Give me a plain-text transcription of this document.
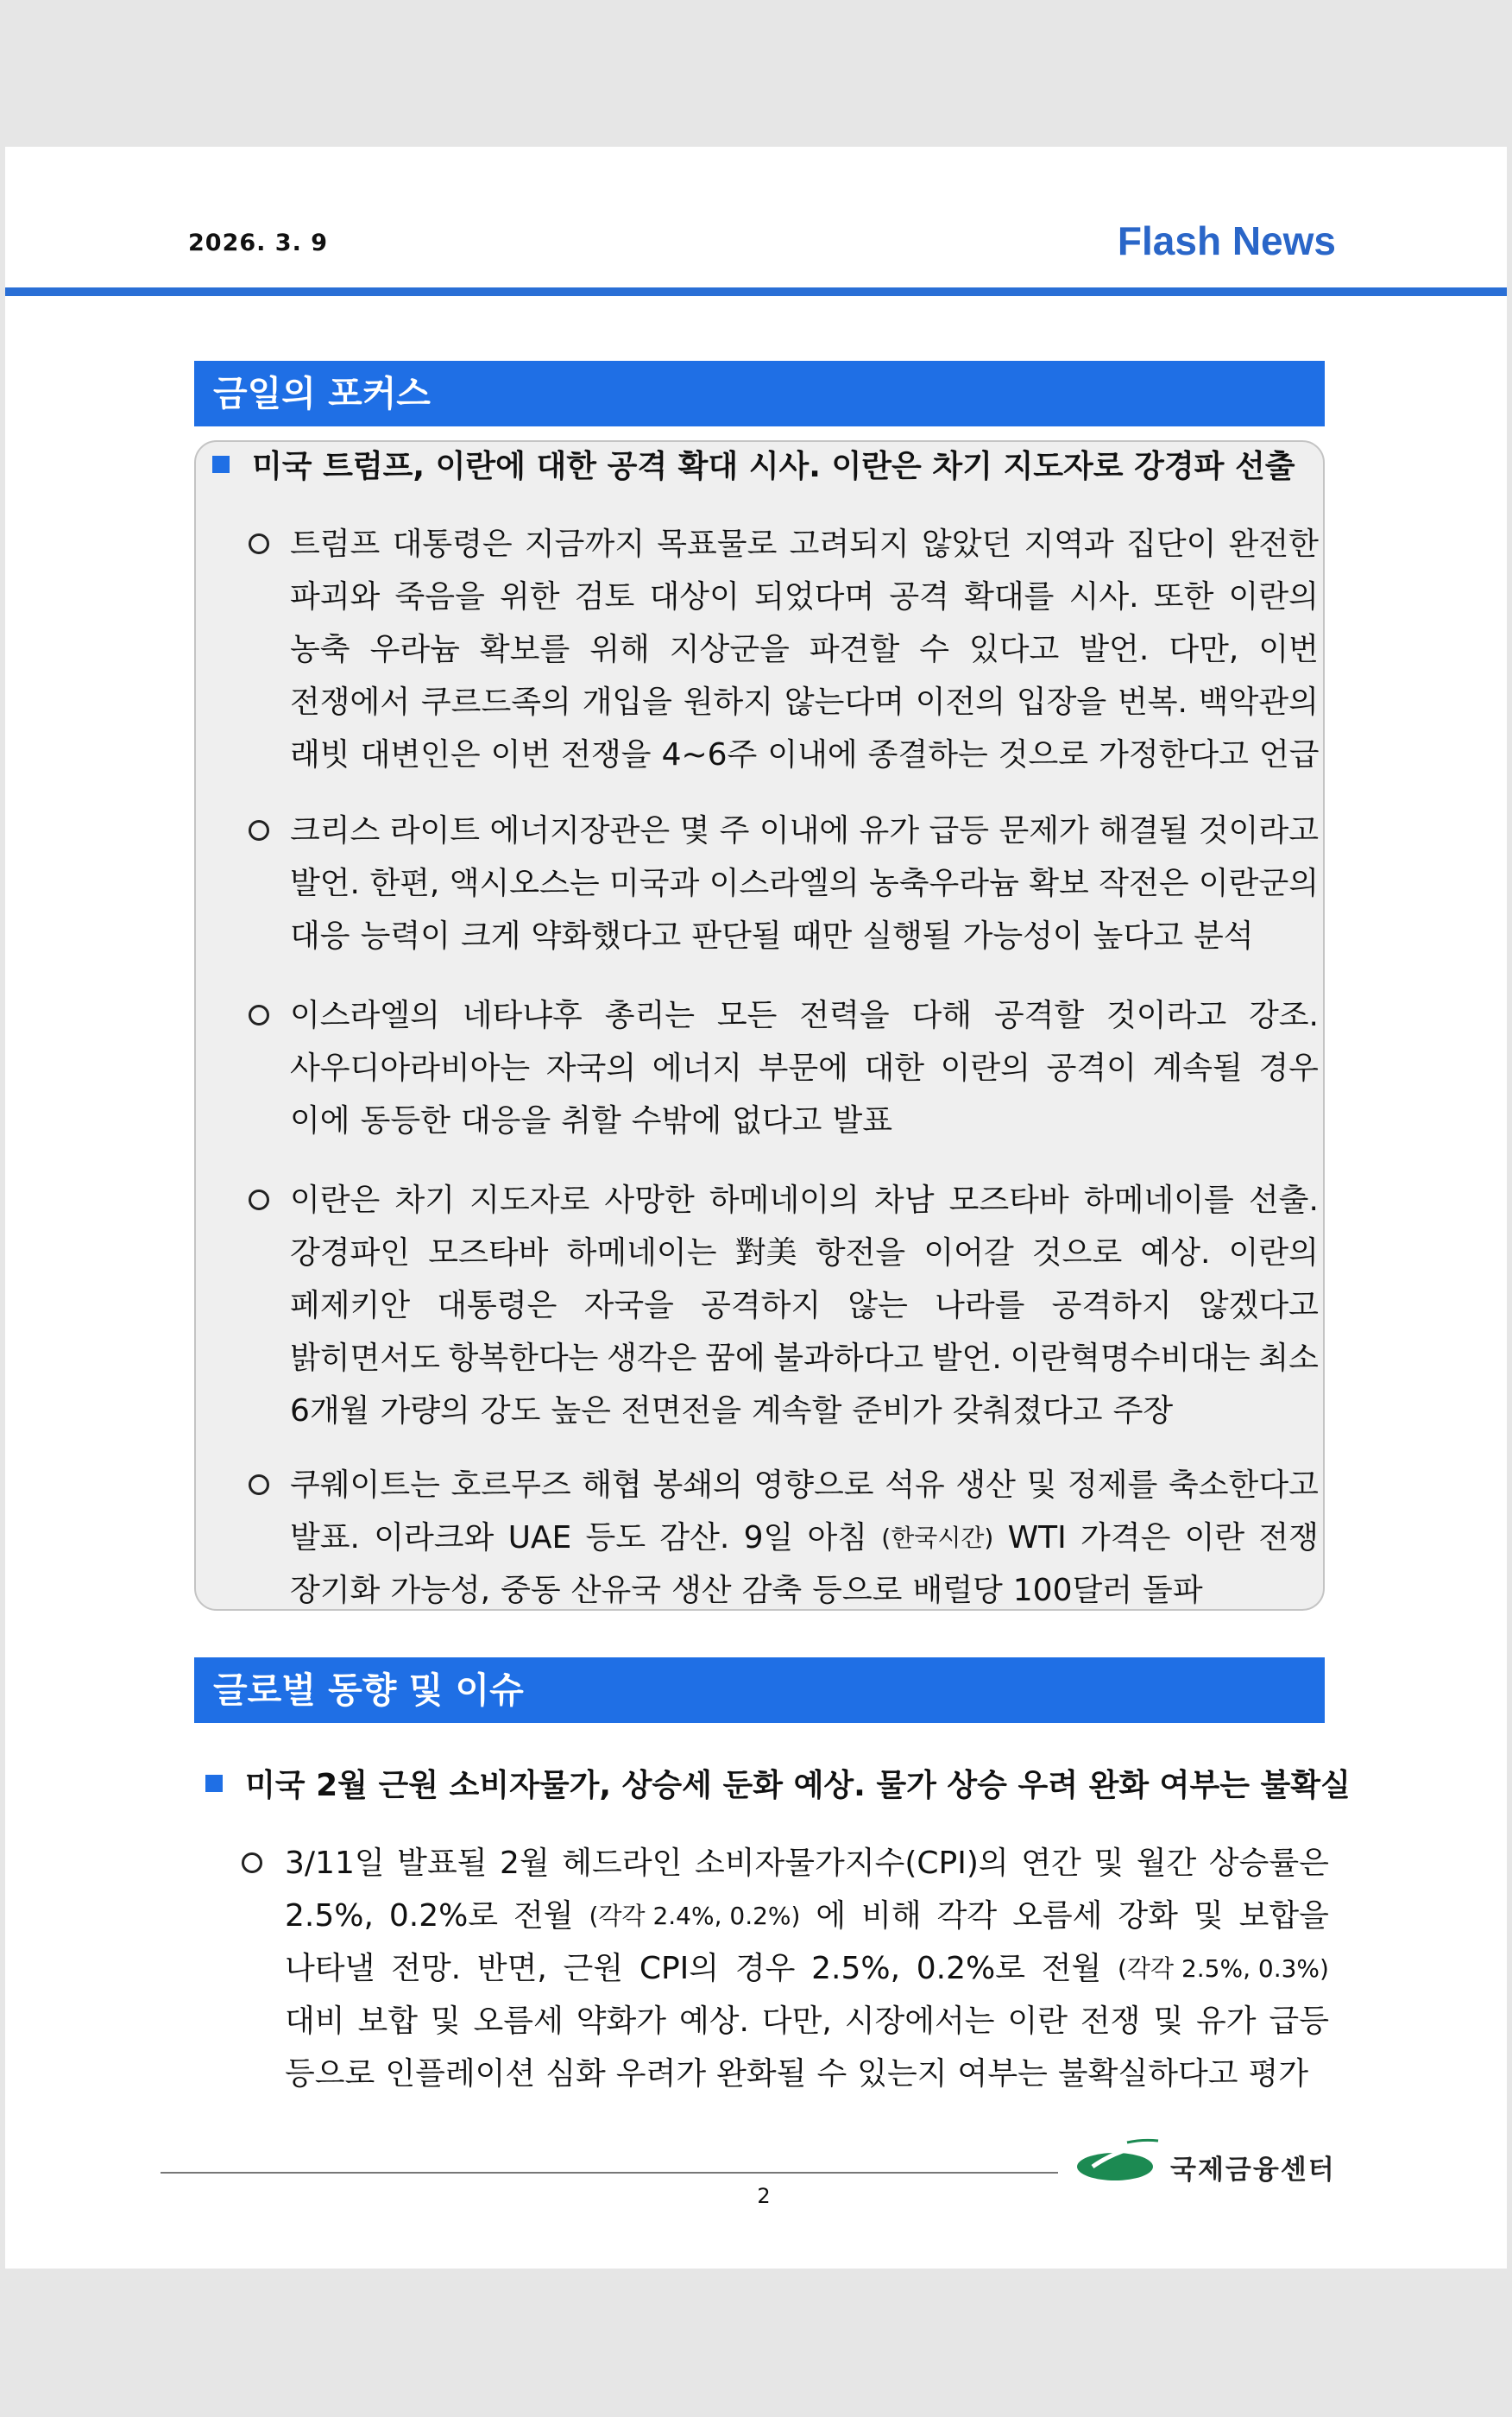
2026. 3. 9	Flash News
금일의 포커스
미국 트럼프, 이란에 대한 공격 확대 시사. 이란은 차기 지도자로 강경파 선출
글로벌 동향 및 이슈
미국 2월 근원 소비자물가, 상승세 둔화 예상. 물가 상승 우려 완화 여부는 불확실
2
국제금융센터
트럼프 대통령은 지금까지 목표물로 고려되지 않았던 지역과 집단이 완전한
파괴와 죽음을 위한 검토 대상이 되었다며 공격 확대를 시사. 또한 이란의
농축 우라늄 확보를 위해 지상군을 파견할 수 있다고 발언. 다만, 이번
전쟁에서 쿠르드족의 개입을 원하지 않는다며 이전의 입장을 번복. 백악관의
래빗 대변인은 이번 전쟁을 4~6주 이내에 종결하는 것으로 가정한다고 언급
크리스 라이트 에너지장관은 몇 주 이내에 유가 급등 문제가 해결될 것이라고
발언. 한편, 액시오스는 미국과 이스라엘의 농축우라늄 확보 작전은 이란군의
대응 능력이 크게 약화했다고 판단될 때만 실행될 가능성이 높다고 분석
이스라엘의 네타냐후 총리는 모든 전력을 다해 공격할 것이라고 강조.
사우디아라비아는 자국의 에너지 부문에 대한 이란의 공격이 계속될 경우
이에 동등한 대응을 취할 수밖에 없다고 발표
이란은 차기 지도자로 사망한 하메네이의 차남 모즈타바 하메네이를 선출.
강경파인 모즈타바 하메네이는 對美 항전을 이어갈 것으로 예상. 이란의
페제키안 대통령은 자국을 공격하지 않는 나라를 공격하지 않겠다고
밝히면서도 항복한다는 생각은 꿈에 불과하다고 발언. 이란혁명수비대는 최소
6개월 가량의 강도 높은 전면전을 계속할 준비가 갖춰졌다고 주장
쿠웨이트는 호르무즈 해협 봉쇄의 영향으로 석유 생산 및 정제를 축소한다고
발표. 이라크와 UAE 등도 감산. 9일 아침 (한국시간) WTI 가격은 이란 전쟁
장기화 가능성, 중동 산유국 생산 감축 등으로 배럴당 100달러 돌파
3/11일 발표될 2월 헤드라인 소비자물가지수(CPI)의 연간 및 월간 상승률은
2.5%, 0.2%로 전월 (각각 2.4%, 0.2%) 에 비해 각각 오름세 강화 및 보합을
나타낼 전망. 반면, 근원 CPI의 경우 2.5%, 0.2%로 전월 (각각 2.5%, 0.3%)
대비 보합 및 오름세 약화가 예상. 다만, 시장에서는 이란 전쟁 및 유가 급등
등으로 인플레이션 심화 우려가 완화될 수 있는지 여부는 불확실하다고 평가
